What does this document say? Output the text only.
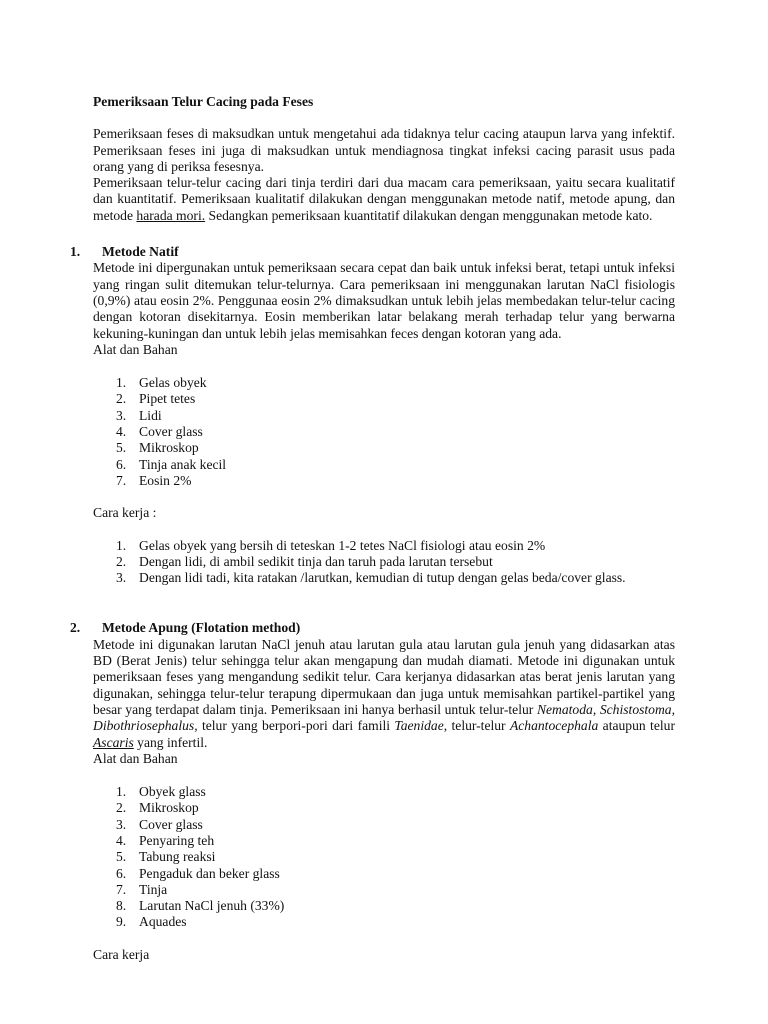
Pemeriksaan Telur Cacing pada Feses

Pemeriksaan feses di maksudkan untuk mengetahui ada tidaknya telur cacing ataupun larva yang infektif. Pemeriksaan feses ini juga di maksudkan untuk mendiagnosa tingkat infeksi cacing parasit usus pada orang yang di periksa fesesnya.

Pemeriksaan telur-telur cacing dari tinja terdiri dari dua macam cara pemeriksaan, yaitu secara kualitatif dan kuantitatif. Pemeriksaan kualitatif dilakukan dengan menggunakan metode natif, metode apung, dan metode harada mori. Sedangkan pemeriksaan kuantitatif dilakukan dengan menggunakan metode kato.

1. Metode Natif

Metode ini dipergunakan untuk pemeriksaan secara cepat dan baik untuk infeksi berat, tetapi untuk infeksi yang ringan sulit ditemukan telur-telurnya. Cara pemeriksaan ini menggunakan larutan NaCl fisiologis (0,9%) atau eosin 2%. Penggunaa eosin 2% dimaksudkan untuk lebih jelas membedakan telur-telur cacing dengan kotoran disekitarnya. Eosin memberikan latar belakang merah terhadap telur yang berwarna kekuning-kuningan dan untuk lebih jelas memisahkan feces dengan kotoran yang ada.

Alat dan Bahan

1. Gelas obyek
2. Pipet tetes
3. Lidi
4. Cover glass
5. Mikroskop
6. Tinja anak kecil
7. Eosin 2%

Cara kerja :

1. Gelas obyek yang bersih di teteskan 1-2 tetes NaCl fisiologi atau eosin 2%
2. Dengan lidi, di ambil sedikit tinja dan taruh pada larutan tersebut
3. Dengan lidi tadi, kita ratakan /larutkan, kemudian di tutup dengan gelas beda/cover glass.
2. Metode Apung (Flotation method)

Metode ini digunakan larutan NaCl jenuh atau larutan gula atau larutan gula jenuh yang didasarkan atas BD (Berat Jenis) telur sehingga telur akan mengapung dan mudah diamati. Metode ini digunakan untuk pemeriksaan feses yang mengandung sedikit telur. Cara kerjanya didasarkan atas berat jenis larutan yang digunakan, sehingga telur-telur terapung dipermukaan dan juga untuk memisahkan partikel-partikel yang besar yang terdapat dalam tinja. Pemeriksaan ini hanya berhasil untuk telur-telur Nematoda, Schistostoma, Dibothriosephalus, telur yang berpori-pori dari famili Taenidae, telur-telur Achantocephala ataupun telur Ascaris yang infertil.

Alat dan Bahan

1. Obyek glass
2. Mikroskop
3. Cover glass
4. Penyaring teh
5. Tabung reaksi
6. Pengaduk dan beker glass
7. Tinja
8. Larutan NaCl jenuh (33%)
9. Aquades

Cara kerja
